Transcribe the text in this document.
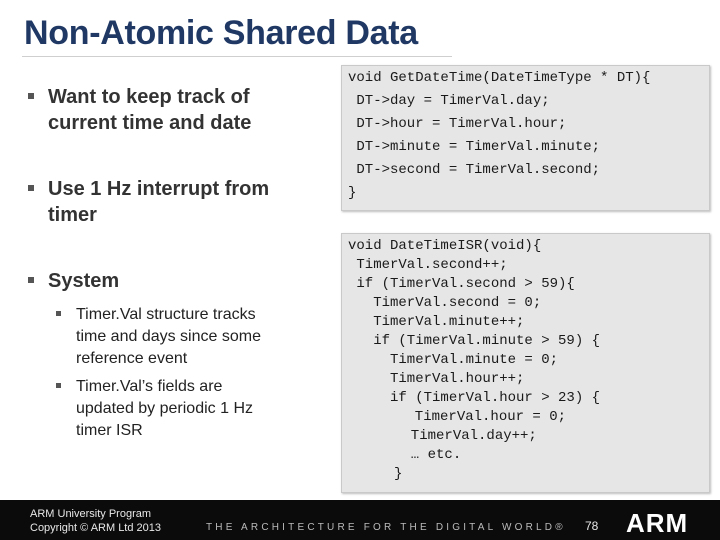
Non-Atomic Shared Data
Want to keep track of
current time and date
Use 1 Hz interrupt from
timer
System
Timer.Val structure tracks
time and days since some
reference event
Timer.Val’s fields are
updated by periodic 1 Hz
timer ISR
void GetDateTime(DateTimeType * DT){
DT->day = TimerVal.day;
DT->hour = TimerVal.hour;
DT->minute = TimerVal.minute;
DT->second = TimerVal.second;
}
void DateTimeISR(void){
TimerVal.second++;
if (TimerVal.second > 59){
TimerVal.second = 0;
TimerVal.minute++;
if (TimerVal.minute > 59) {
TimerVal.minute = 0;
TimerVal.hour++;
if (TimerVal.hour > 23) {
TimerVal.hour = 0;
TimerVal.day++;
… etc.
}
ARM University Program
Copyright © ARM Ltd 2013	THE ARCHITECTURE FOR THE DIGITAL WORLD® 78 ARM
